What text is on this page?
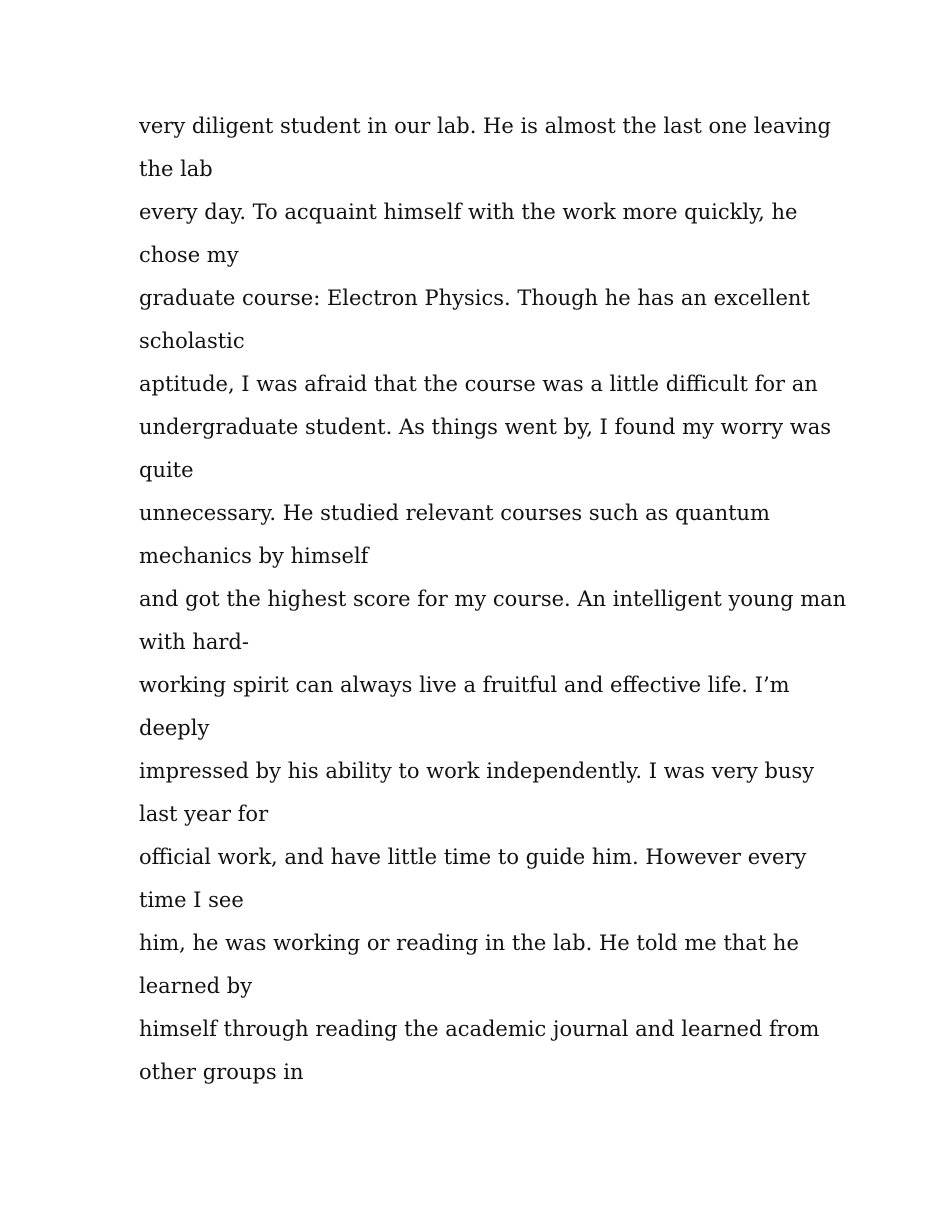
very diligent student in our lab. He is almost the last one leaving

the lab

every day. To acquaint himself with the work more quickly, he

chose my

graduate course: Electron Physics. Though he has an excellent

scholastic

aptitude, I was afraid that the course was a little difficult for an

undergraduate student. As things went by, I found my worry was

quite

unnecessary. He studied relevant courses such as quantum

mechanics by himself

and got the highest score for my course. An intelligent young man

with hard-

working spirit can always live a fruitful and effective life. I’m

deeply

impressed by his ability to work independently. I was very busy

last year for

official work, and have little time to guide him. However every

time I see

him, he was working or reading in the lab. He told me that he

learned by

himself through reading the academic journal and learned from

other groups in
